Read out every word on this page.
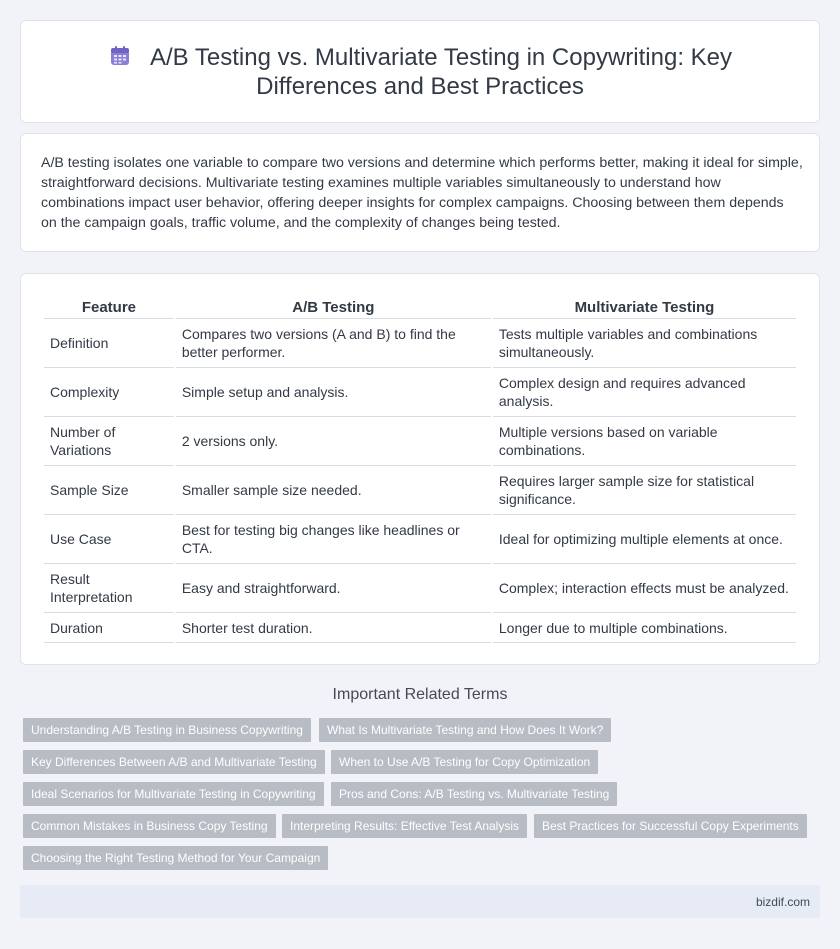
A/B Testing vs. Multivariate Testing in Copywriting: Key Differences and Best Practices

A/B testing isolates one variable to compare two versions and determine which performs better, making it ideal for simple, straightforward decisions. Multivariate testing examines multiple variables simultaneously to understand how combinations impact user behavior, offering deeper insights for complex campaigns. Choosing between them depends on the campaign goals, traffic volume, and the complexity of changes being tested.

Feature	A/B Testing	Multivariate Testing
Definition	Compares two versions (A and B) to find the better performer.	Tests multiple variables and combinations simultaneously.
Complexity	Simple setup and analysis.	Complex design and requires advanced analysis.
Number of Variations	2 versions only.	Multiple versions based on variable combinations.
Sample Size	Smaller sample size needed.	Requires larger sample size for statistical significance.
Use Case	Best for testing big changes like headlines or CTA.	Ideal for optimizing multiple elements at once.
Result Interpretation	Easy and straightforward.	Complex; interaction effects must be analyzed.
Duration	Shorter test duration.	Longer due to multiple combinations.
Important Related Terms
Understanding A/B Testing in Business Copywriting	What Is Multivariate Testing and How Does It Work?
Key Differences Between A/B and Multivariate Testing	When to Use A/B Testing for Copy Optimization
Ideal Scenarios for Multivariate Testing in Copywriting	Pros and Cons: A/B Testing vs. Multivariate Testing
Common Mistakes in Business Copy Testing	Interpreting Results: Effective Test Analysis	Best Practices for Successful Copy Experiments
Choosing the Right Testing Method for Your Campaign
bizdif.com
